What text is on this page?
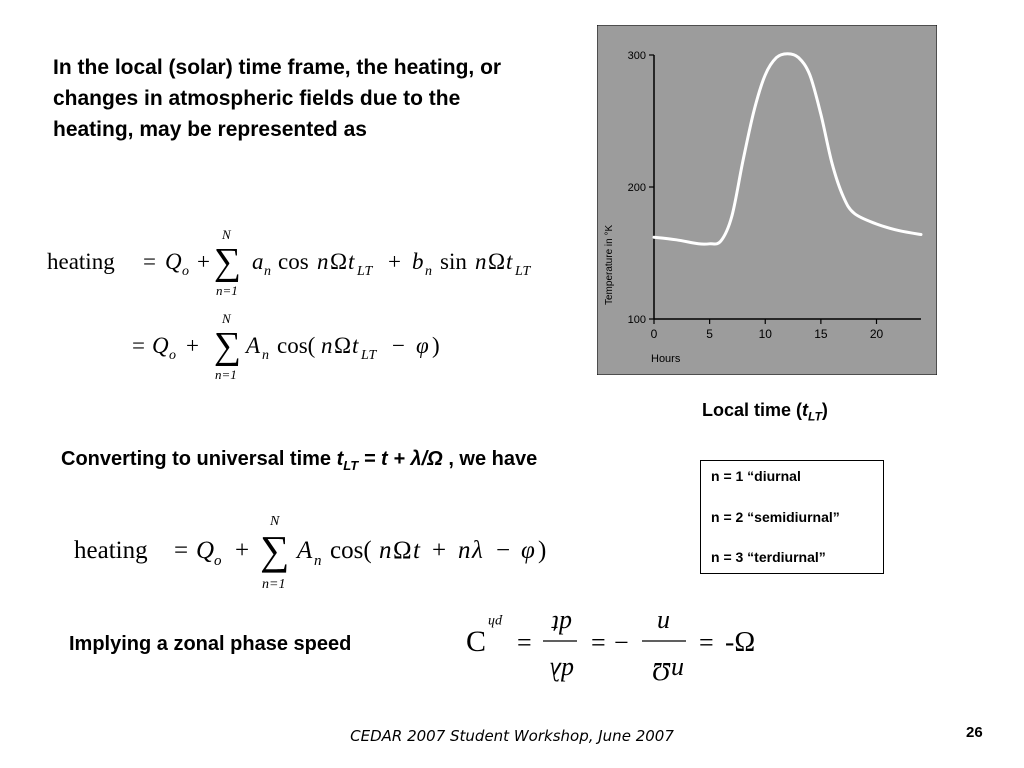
In the local (solar) time frame, the heating, or changes in atmospheric fields due to the heating, may be represented as
heating = Q o +
N
∑
n=1
a n cos n Ω t LT + b n sin n Ω t LT
= Q o +
N
∑
n=1
A n cos( n Ω t LT − φ )
100
200
300
0	5	10	15	20
Temperature in °K
Hours
Local time $(t_{LT})$
Converting to universal time $t_{LT} = t + \lambda/\Omega$ , we have
heating = Q o +
N
∑
n=1
A n cos( n Ω t + n λ − φ )
n = 1 “diurnal
n = 2 “semidiurnal”
n = 3 “terdiurnal”
Implying a zonal phase speed	C
ph
=
dt
dλ
= −
n
nΩ
= -Ω
CEDAR 2007 Student Workshop, June 2007	26
